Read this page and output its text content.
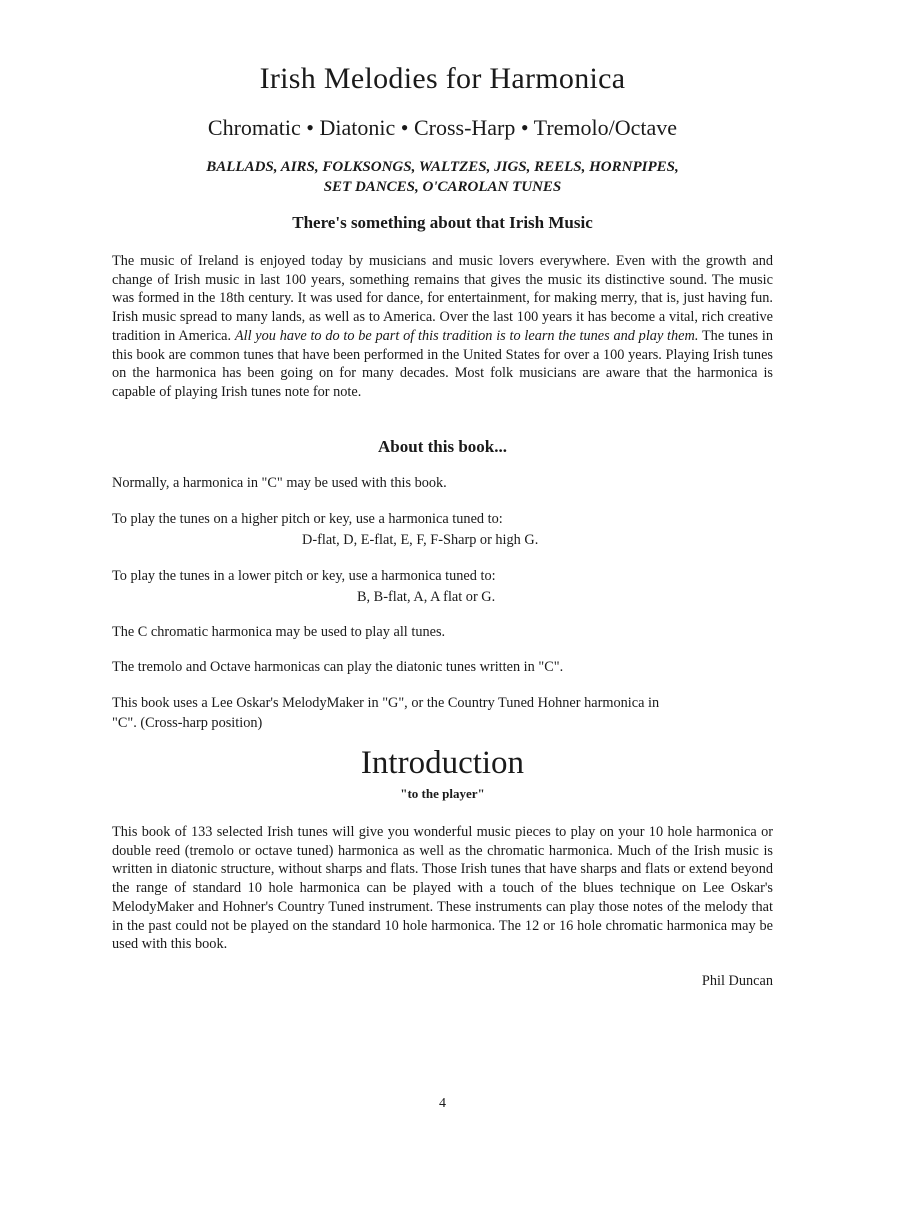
Irish Melodies for Harmonica
Chromatic • Diatonic • Cross-Harp • Tremolo/Octave
BALLADS, AIRS, FOLKSONGS, WALTZES, JIGS, REELS, HORNPIPES,
SET DANCES, O'CAROLAN TUNES
There's something about that Irish Music

The music of Ireland is enjoyed today by musicians and music lovers everywhere. Even with the growth and change of Irish music in last 100 years, something remains that gives the music its distinctive sound. The music was formed in the 18th century. It was used for dance, for entertainment, for making merry, that is, just having fun. Irish music spread to many lands, as well as to America. Over the last 100 years it has become a vital, rich creative tradition in America. All you have to do to be part of this tradition is to learn the tunes and play them. The tunes in this book are common tunes that have been performed in the United States for over a 100 years. Playing Irish tunes on the harmonica has been going on for many decades. Most folk musicians are aware that the harmonica is capable of playing Irish tunes note for note.

About this book...
Normally, a harmonica in "C" may be used with this book.
To play the tunes on a higher pitch or key, use a harmonica tuned to:
D-flat, D, E-flat, E, F, F-Sharp or high G.
To play the tunes in a lower pitch or key, use a harmonica tuned to:
B, B-flat, A, A flat or G.
The C chromatic harmonica may be used to play all tunes.
The tremolo and Octave harmonicas can play the diatonic tunes written in "C".
This book uses a Lee Oskar's MelodyMaker in "G", or the Country Tuned Hohner harmonica in
"C". (Cross-harp position)
Introduction
"to the player"

This book of 133 selected Irish tunes will give you wonderful music pieces to play on your 10 hole harmonica or double reed (tremolo or octave tuned) harmonica as well as the chromatic harmonica. Much of the Irish music is written in diatonic structure, without sharps and flats. Those Irish tunes that have sharps and flats or extend beyond the range of standard 10 hole harmonica can be played with a touch of the blues technique on Lee Oskar's MelodyMaker and Hohner's Country Tuned instrument. These instruments can play those notes of the melody that in the past could not be played on the standard 10 hole harmonica. The 12 or 16 hole chromatic harmonica may be used with this book.

Phil Duncan
4
